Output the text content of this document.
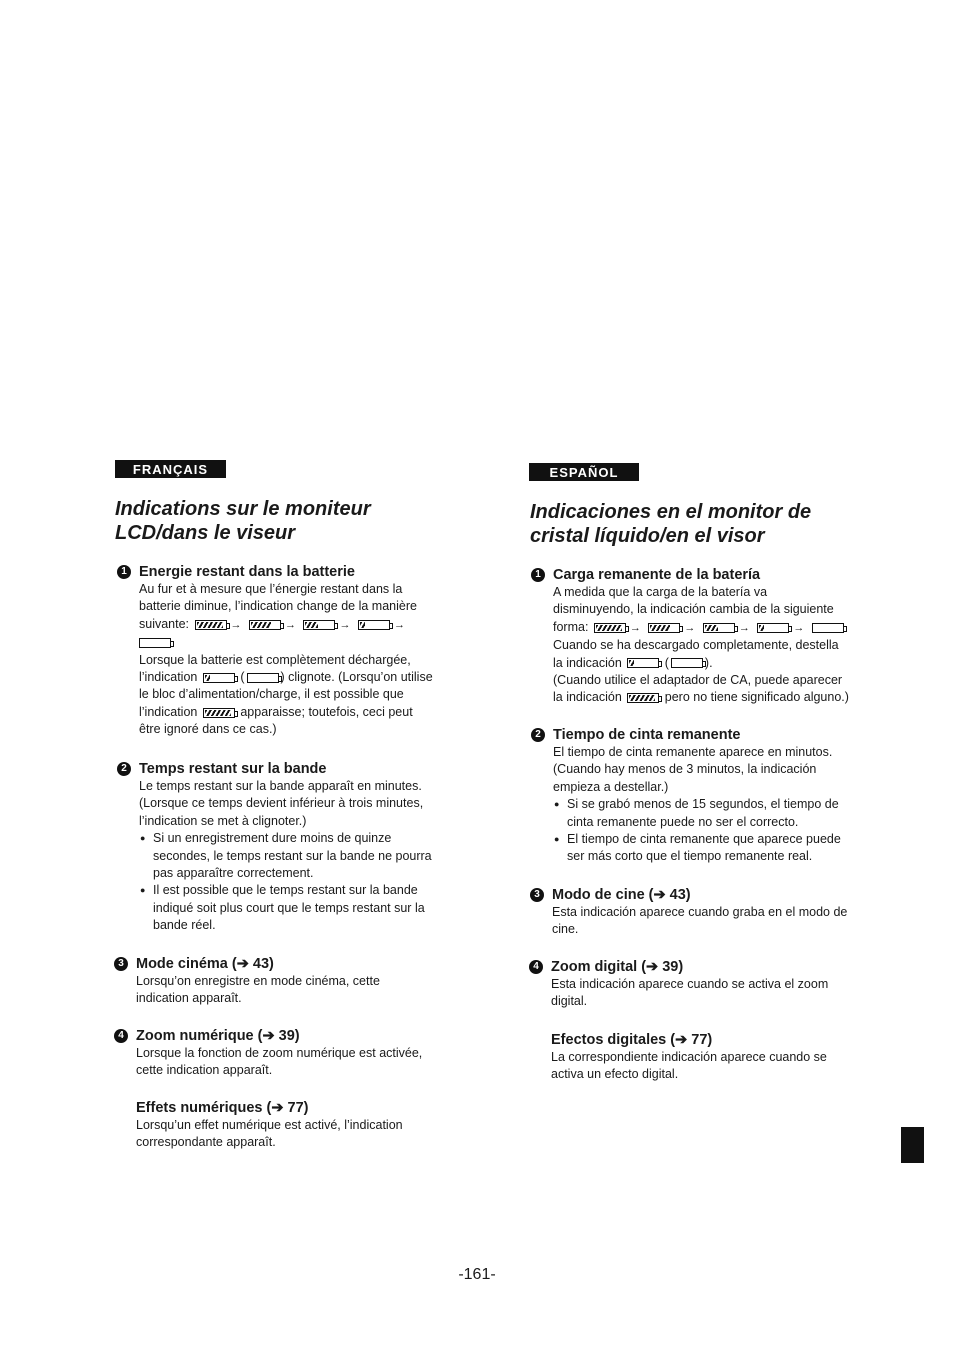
FRANÇAIS
Indications sur le moniteur
LCD/dans le viseur
1 Energie restant dans la batterie

Au fur et à mesure que l’énergie restant dans la

batterie diminue, l’indication change de la manière

suivante:	→	→	→	→

Lorsque la batterie est complètement déchargée,

l’indication	(	) clignote. (Lorsqu’on utilise

le bloc d’alimentation/charge, il est possible que

l’indication	apparaisse; toutefois, ceci peut

être ignoré dans ce cas.)

2 Temps restant sur la bande

Le temps restant sur la bande apparaît en minutes.

(Lorsque ce temps devient inférieur à trois minutes,

l’indication se met à clignoter.)

● Si un enregistrement dure moins de quinze
secondes, le temps restant sur la bande ne pourra
pas apparaître correctement.
● Il est possible que le temps restant sur la bande
indiqué soit plus court que le temps restant sur la
bande réel.
3 Mode cinéma (➔ 43)

Lorsqu’on enregistre en mode cinéma, cette

indication apparaît.

4 Zoom numérique (➔ 39)

Lorsque la fonction de zoom numérique est activée,

cette indication apparaît.

Effets numériques (➔ 77)

Lorsqu’un effet numérique est activé, l’indication

correspondante apparaît.

ESPAÑOL
Indicaciones en el monitor de
cristal líquido/en el visor
1 Carga remanente de la batería

A medida que la carga de la batería va

disminuyendo, la indicación cambia de la siguiente

forma:	→	→	→	→

Cuando se ha descargado completamente, destella

la indicación	(	).

(Cuando utilice el adaptador de CA, puede aparecer

la indicación	pero no tiene significado alguno.)

2 Tiempo de cinta remanente

El tiempo de cinta remanente aparece en minutos.

(Cuando hay menos de 3 minutos, la indicación

empieza a destellar.)

● Si se grabó menos de 15 segundos, el tiempo de
cinta remanente puede no ser el correcto.
● El tiempo de cinta remanente que aparece puede
ser más corto que el tiempo remanente real.
3 Modo de cine (➔ 43)

Esta indicación aparece cuando graba en el modo de

cine.

4 Zoom digital (➔ 39)

Esta indicación aparece cuando se activa el zoom

digital.

Efectos digitales (➔ 77)

La correspondiente indicación aparece cuando se

activa un efecto digital.

-161-
